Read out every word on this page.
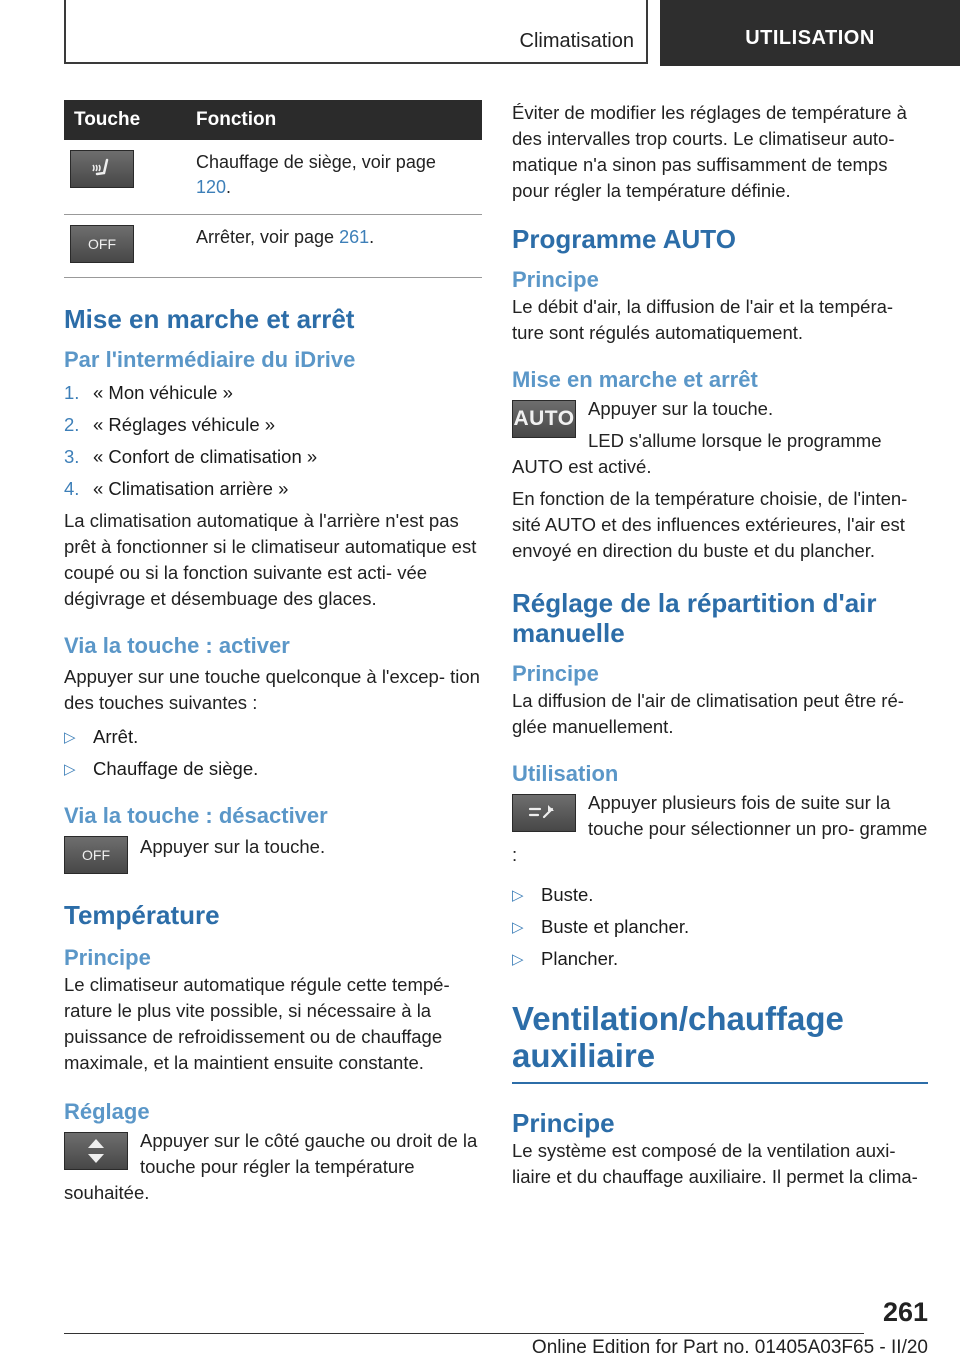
Climatisation	UTILISATION
Touche	Fonction

	Chauffage de siège, voir page 120.
OFF	Arrêter, voir page 261.
Mise en marche et arrêt
Par l'intermédiaire du iDrive
1. « Mon véhicule »
2. « Réglages véhicule »
3. « Confort de climatisation »
4. « Climatisation arrière »

La climatisation automatique à l'arrière n'est pas prêt à fonctionner si le climatiseur automatique est coupé ou si la fonction suivante est acti- vée dégivrage et désembuage des glaces.

Via la touche : activer

Appuyer sur une touche quelconque à l'excep- tion des touches suivantes :

▷ Arrêt.
▷ Chauffage de siège.
Via la touche : désactiver
OFF	Appuyer sur la touche.

Température
Principe

Le climatiseur automatique régule cette tempé- rature le plus vite possible, si nécessaire à la puissance de refroidissement ou de chauffage maximale, et la maintient ensuite constante.

Réglage

Appuyer sur le côté gauche ou droit de la touche pour régler la température souhaitée.

Éviter de modifier les réglages de température à des intervalles trop courts. Le climatiseur auto- matique n'a sinon pas suffisamment de temps pour régler la température définie.

Programme AUTO
Principe

Le débit d'air, la diffusion de l'air et la tempéra- ture sont régulés automatiquement.

Mise en marche et arrêt
AUTO Appuyer sur la touche.

LED s'allume lorsque le programme AUTO est activé.

En fonction de la température choisie, de l'inten- sité AUTO et des influences extérieures, l'air est envoyé en direction du buste et du plancher.

Réglage de la répartition d'air manuelle
Principe

La diffusion de l'air de climatisation peut être ré- glée manuellement.

Utilisation

Appuyer plusieurs fois de suite sur la touche pour sélectionner un pro- gramme :

▷ Buste.
▷ Buste et plancher.
▷ Plancher.
Ventilation/chauffage auxiliaire
Principe

Le système est composé de la ventilation auxi- liaire et du chauffage auxiliaire. Il permet la clima-

261
Online Edition for Part no. 01405A03F65 - II/20
